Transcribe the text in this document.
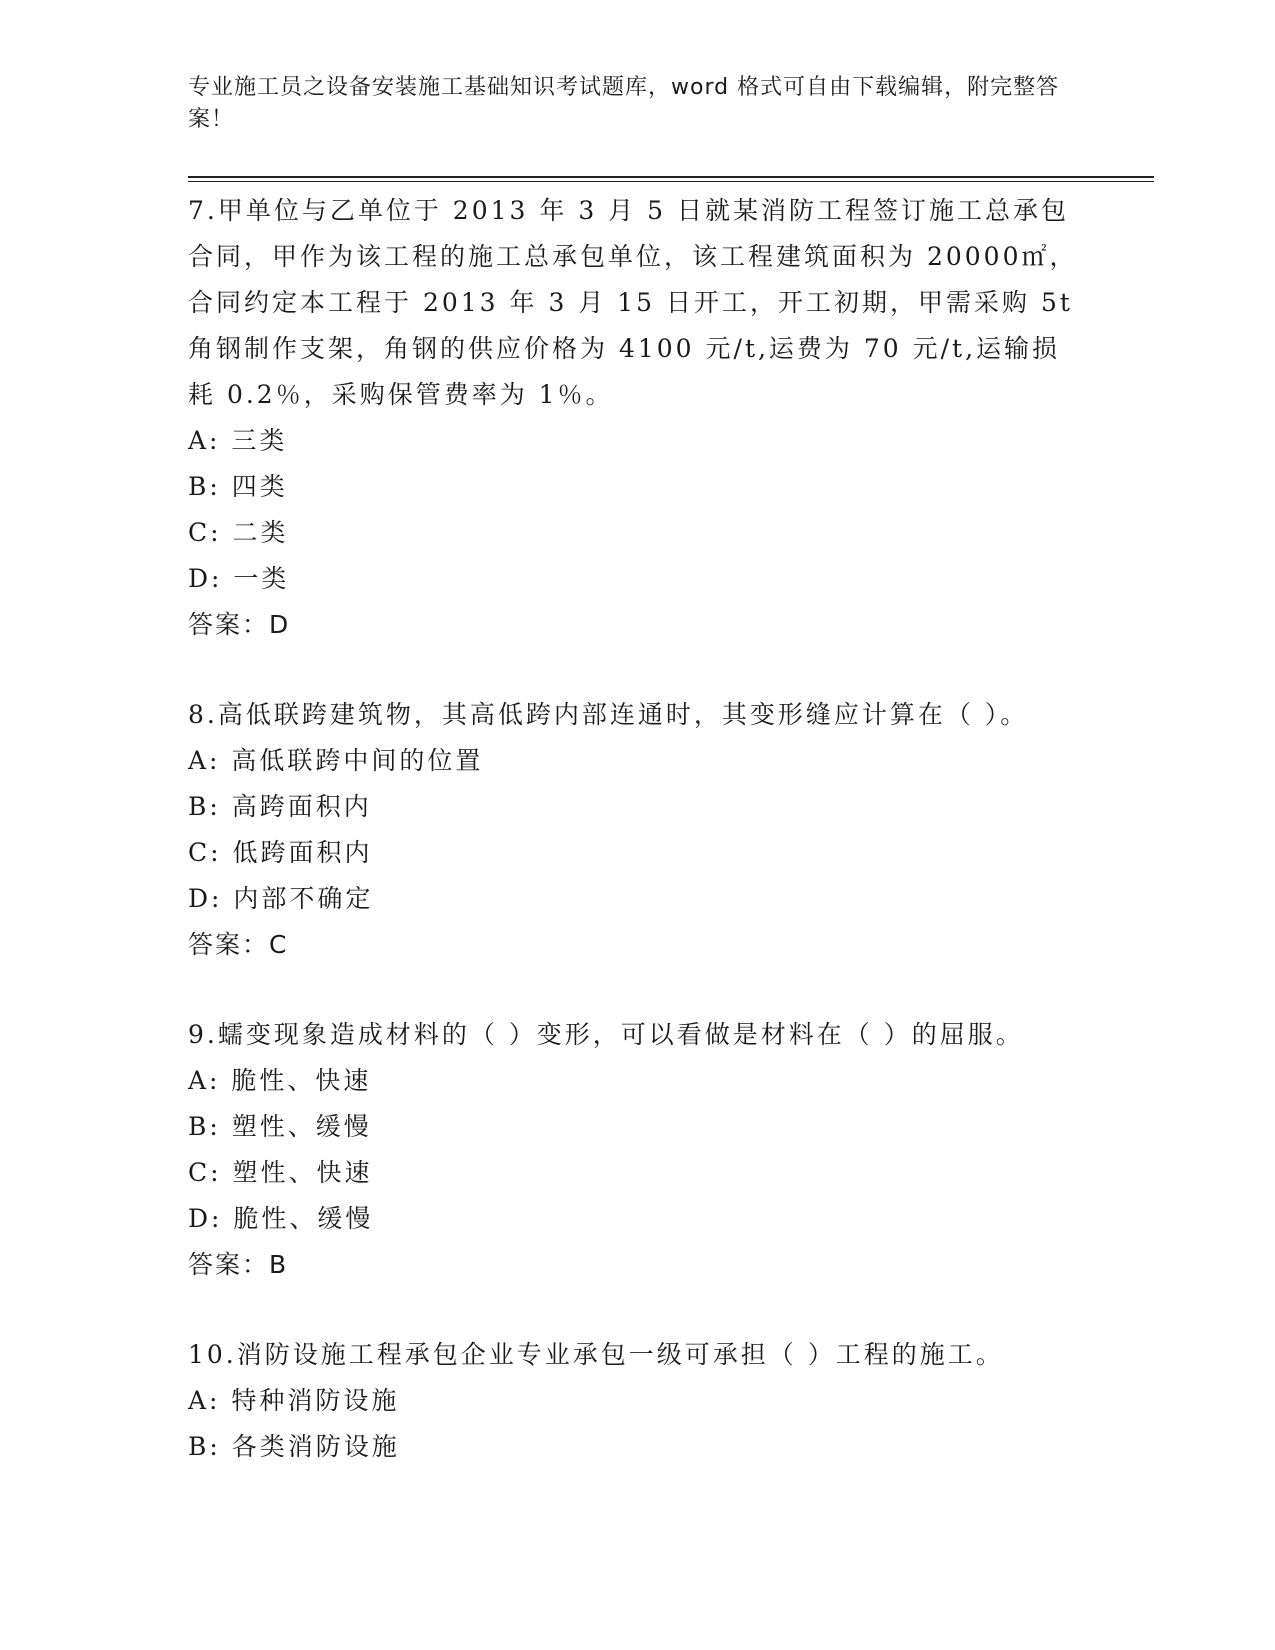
专业施工员之设备安装施工基础知识考试题库，word 格式可自由下载编辑，附完整答案！

7.甲单位与乙单位于 2013 年 3 月 5 日就某消防工程签订施工总承包合同，甲作为该工程的施工总承包单位，该工程建筑面积为 20000㎡，合同约定本工程于 2013 年 3 月 15 日开工，开工初期，甲需采购 5t 角钢制作支架，角钢的供应价格为 4100 元/t,运费为 70 元/t,运输损耗 0.2％，采购保管费率为 1％。

A: 三类

B: 四类

C: 二类

D: 一类

答案：D

8.高低联跨建筑物，其高低跨内部连通时，其变形缝应计算在（ ）。

A: 高低联跨中间的位置

B: 高跨面积内

C: 低跨面积内

D: 内部不确定

答案：C

9.蠕变现象造成材料的（ ）变形，可以看做是材料在（ ）的屈服。

A: 脆性、快速

B: 塑性、缓慢

C: 塑性、快速

D: 脆性、缓慢

答案：B

10.消防设施工程承包企业专业承包一级可承担（ ）工程的施工。

A: 特种消防设施

B: 各类消防设施
